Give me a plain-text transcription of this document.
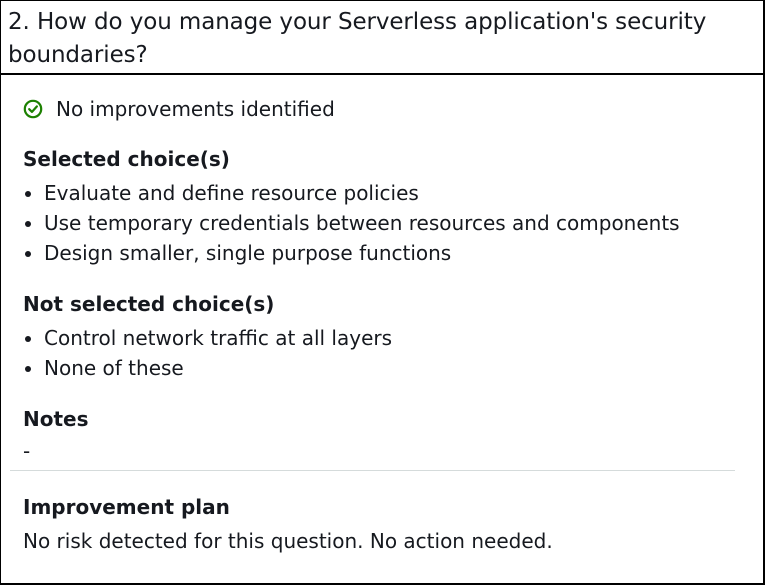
2. How do you manage your Serverless application's security boundaries?
No improvements identified
Selected choice(s)
Evaluate and define resource policies
Use temporary credentials between resources and components
Design smaller, single purpose functions
Not selected choice(s)
Control network traffic at all layers
None of these
Notes
-
Improvement plan
No risk detected for this question. No action needed.
